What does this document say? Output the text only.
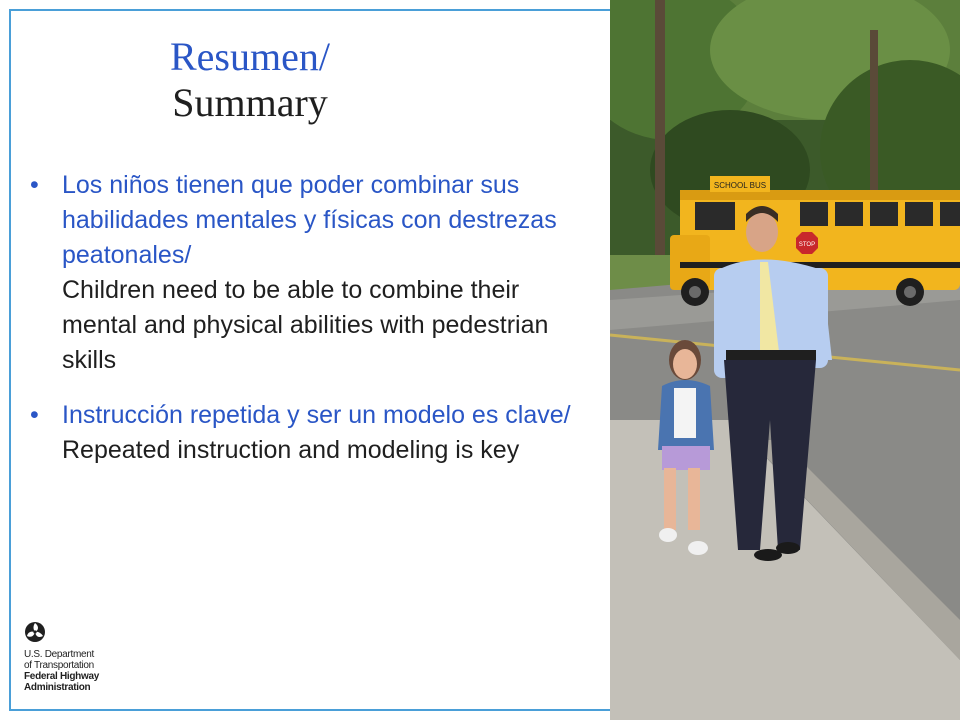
Resumen/
Summary
• Los niños tienen que poder combinar sus habilidades mentales y físicas con destrezas peatonales/
Children need to be able to combine their mental and physical abilities with pedestrian skills
• Instrucción repetida y ser un modelo es clave/
Repeated instruction and modeling is key
U.S. Department
of Transportation
Federal Highway
Administration
SCHOOL BUS
STOP
